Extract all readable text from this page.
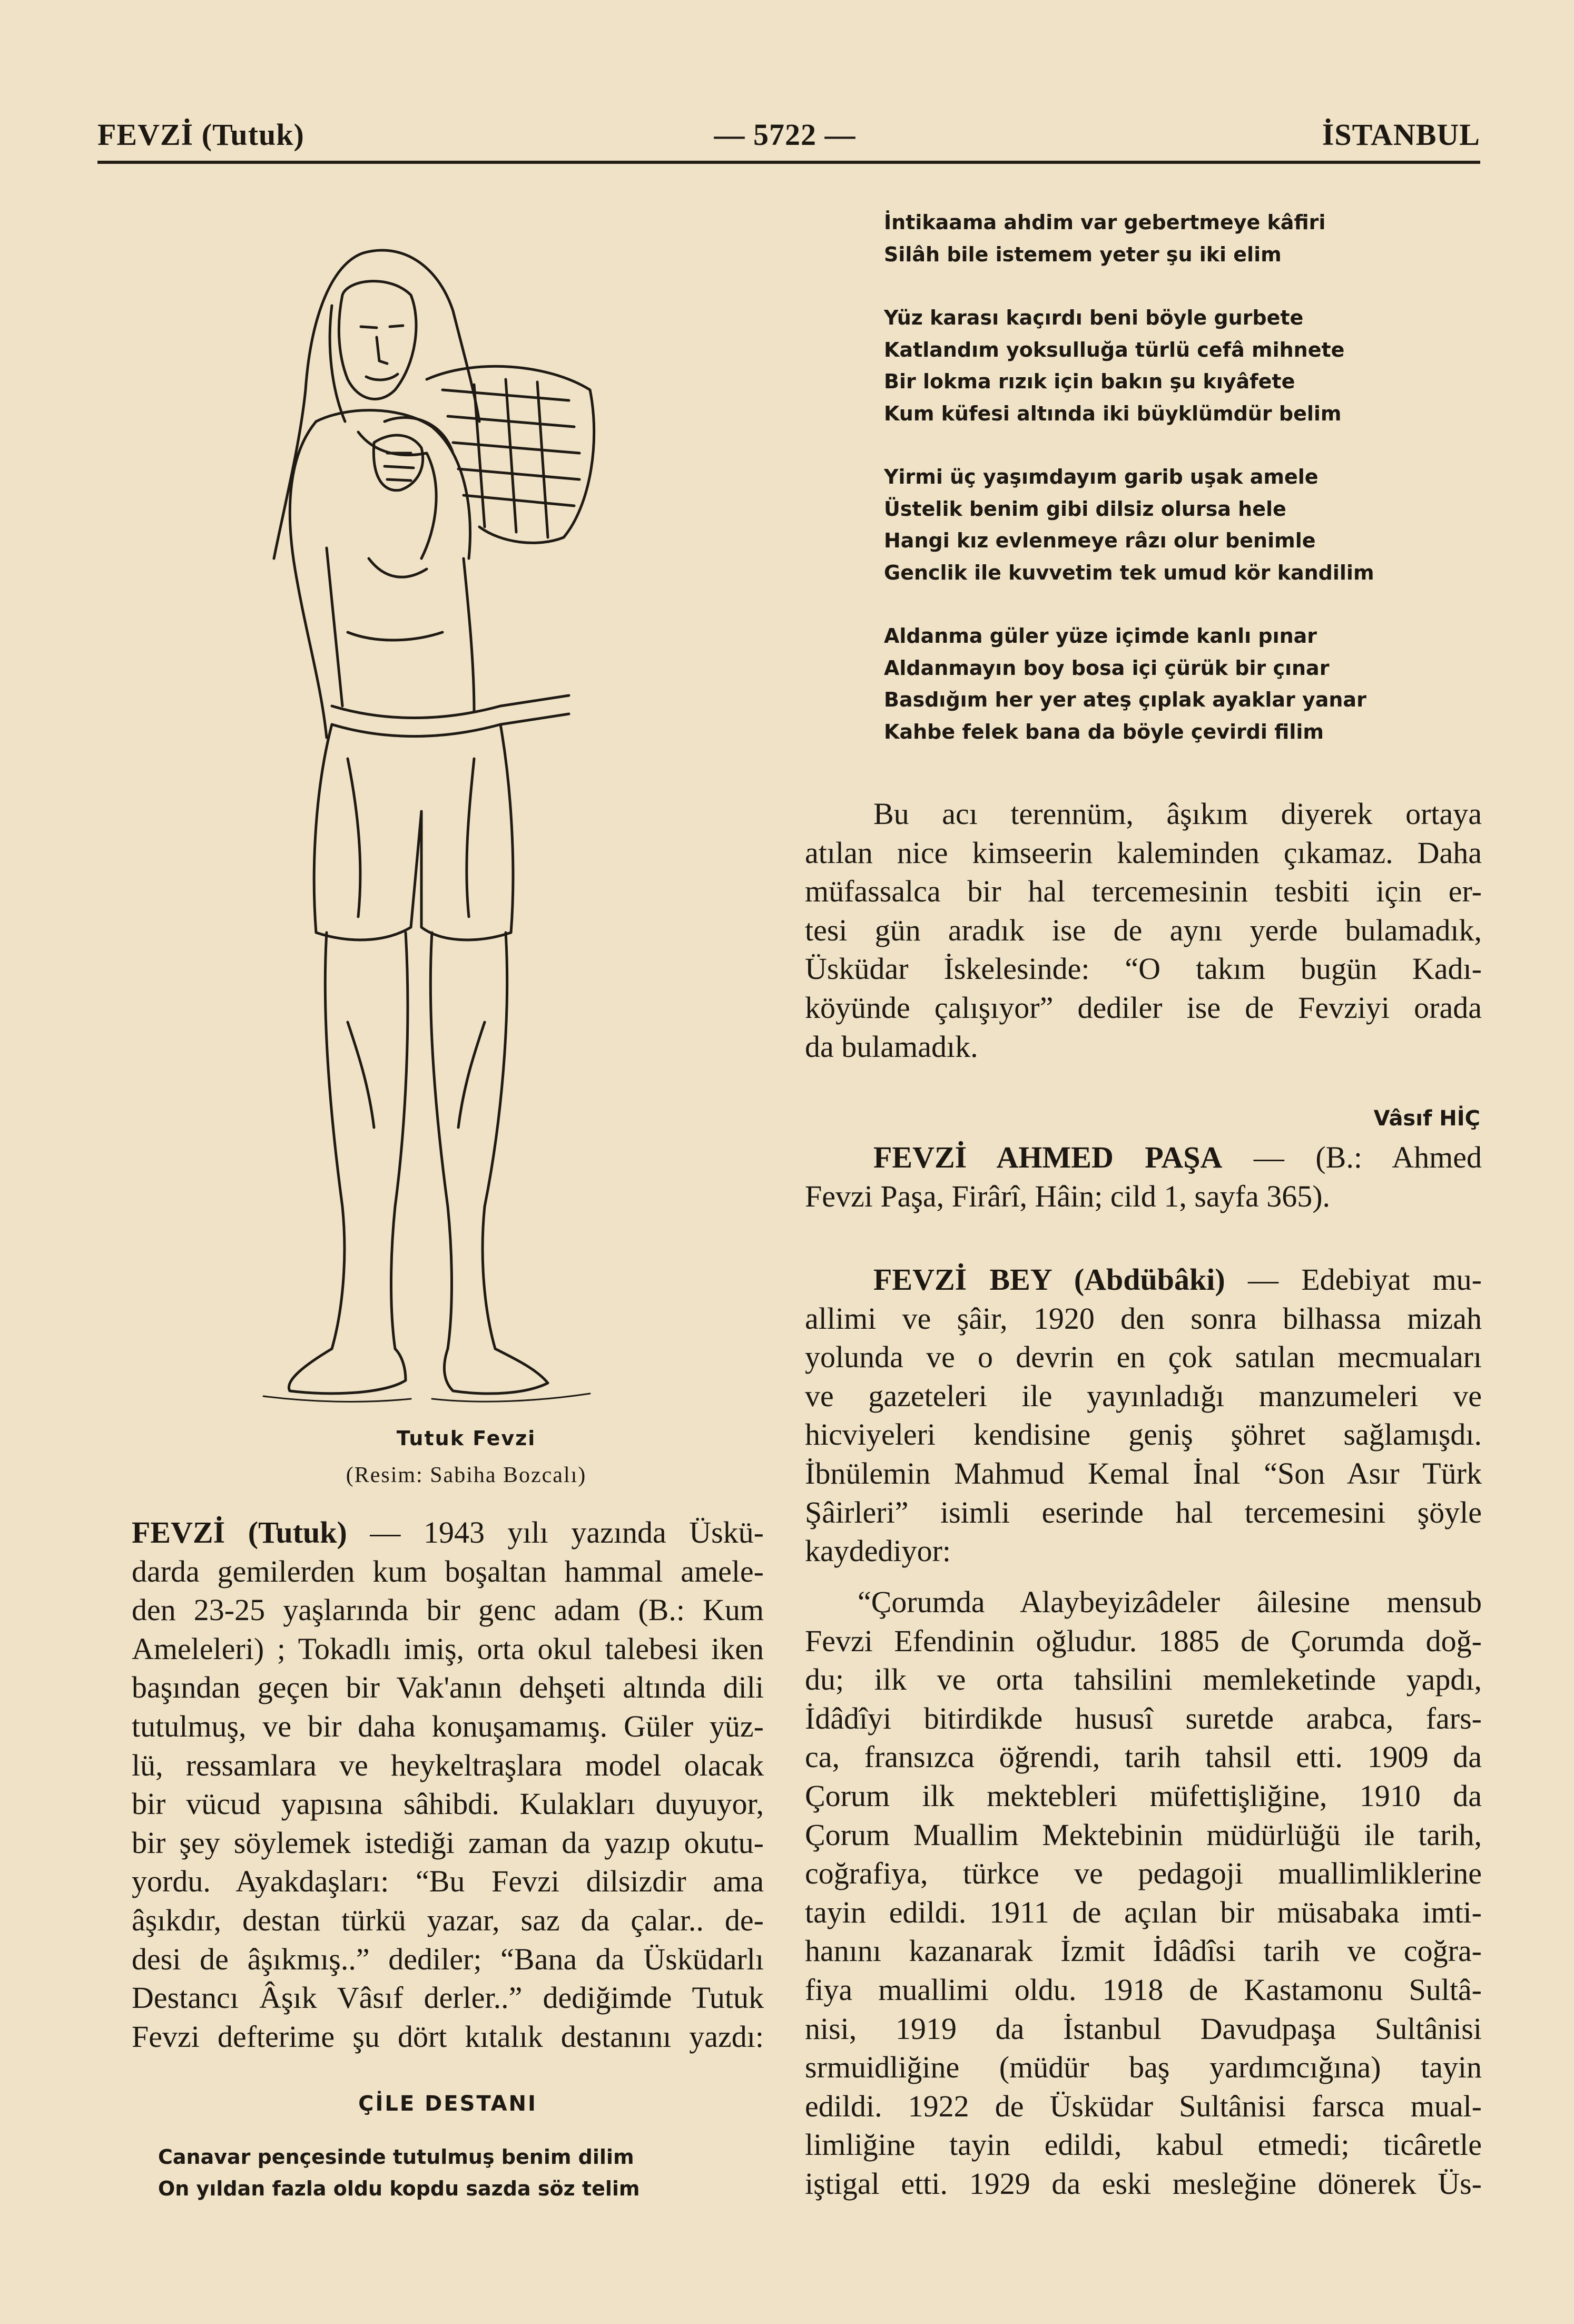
FEVZİ (Tutuk)	— 5722 —	İSTANBUL
Tutuk Fevzi
(Resim: Sabiha Bozcalı)
FEVZİ (Tutuk) — 1943 yılı yazında Üskü-
darda gemilerden kum boşaltan hammal amele-
den 23-25 yaşlarında bir genc adam (B.: Kum
Ameleleri) ; Tokadlı imiş, orta okul talebesi iken
başından geçen bir Vak'anın dehşeti altında dili
tutulmuş, ve bir daha konuşamamış. Güler yüz-
lü, ressamlara ve heykeltraşlara model olacak
bir vücud yapısına sâhibdi. Kulakları duyuyor,
bir şey söylemek istediği zaman da yazıp okutu-
yordu. Ayakdaşları: “Bu Fevzi dilsizdir ama
âşıkdır, destan türkü yazar, saz da çalar.. de-
desi de âşıkmış..” dediler; “Bana da Üsküdarlı
Destancı Âşık Vâsıf derler..” dediğimde Tutuk
Fevzi defterime şu dört kıtalık destanını yazdı:
ÇİLE DESTANI
Canavar pençesinde tutulmuş benim dilim
On yıldan fazla oldu kopdu sazda söz telim
İntikaama ahdim var gebertmeye kâfiri
Silâh bile istemem yeter şu iki elim
Yüz karası kaçırdı beni böyle gurbete
Katlandım yoksulluğa türlü cefâ mihnete
Bir lokma rızık için bakın şu kıyâfete
Kum küfesi altında iki büyklümdür belim
Yirmi üç yaşımdayım garib uşak amele
Üstelik benim gibi dilsiz olursa hele
Hangi kız evlenmeye râzı olur benimle
Genclik ile kuvvetim tek umud kör kandilim
Aldanma güler yüze içimde kanlı pınar
Aldanmayın boy bosa içi çürük bir çınar
Basdığım her yer ateş çıplak ayaklar yanar
Kahbe felek bana da böyle çevirdi filim
Bu acı terennüm, âşıkım diyerek ortaya
atılan nice kimseerin kaleminden çıkamaz. Daha
müfassalca bir hal tercemesinin tesbiti için er-
tesi gün aradık ise de aynı yerde bulamadık,
Üsküdar İskelesinde: “O takım bugün Kadı-
köyünde çalışıyor” dediler ise de Fevziyi orada
da bulamadık.
Vâsıf HİÇ
FEVZİ AHMED PAŞA — (B.: Ahmed
Fevzi Paşa, Firârî, Hâin; cild 1, sayfa 365).
FEVZİ BEY (Abdübâki) — Edebiyat mu-
allimi ve şâir, 1920 den sonra bilhassa mizah
yolunda ve o devrin en çok satılan mecmuaları
ve gazeteleri ile yayınladığı manzumeleri ve
hicviyeleri kendisine geniş şöhret sağlamışdı.
İbnülemin Mahmud Kemal İnal “Son Asır Türk
Şâirleri” isimli eserinde hal tercemesini şöyle
kaydediyor:
“Çorumda Alaybeyizâdeler âilesine mensub
Fevzi Efendinin oğludur. 1885 de Çorumda doğ-
du; ilk ve orta tahsilini memleketinde yapdı,
İdâdîyi bitirdikde hususî suretde arabca, fars-
ca, fransızca öğrendi, tarih tahsil etti. 1909 da
Çorum ilk mektebleri müfettişliğine, 1910 da
Çorum Muallim Mektebinin müdürlüğü ile tarih,
coğrafiya, türkce ve pedagoji muallimliklerine
tayin edildi. 1911 de açılan bir müsabaka imti-
hanını kazanarak İzmit İdâdîsi tarih ve coğra-
fiya muallimi oldu. 1918 de Kastamonu Sultâ-
nisi, 1919 da İstanbul Davudpaşa Sultânisi
srmuidliğine (müdür baş yardımcığına) tayin
edildi. 1922 de Üsküdar Sultânisi farsca mual-
limliğine tayin edildi, kabul etmedi; ticâretle
iştigal etti. 1929 da eski mesleğine dönerek Üs-
